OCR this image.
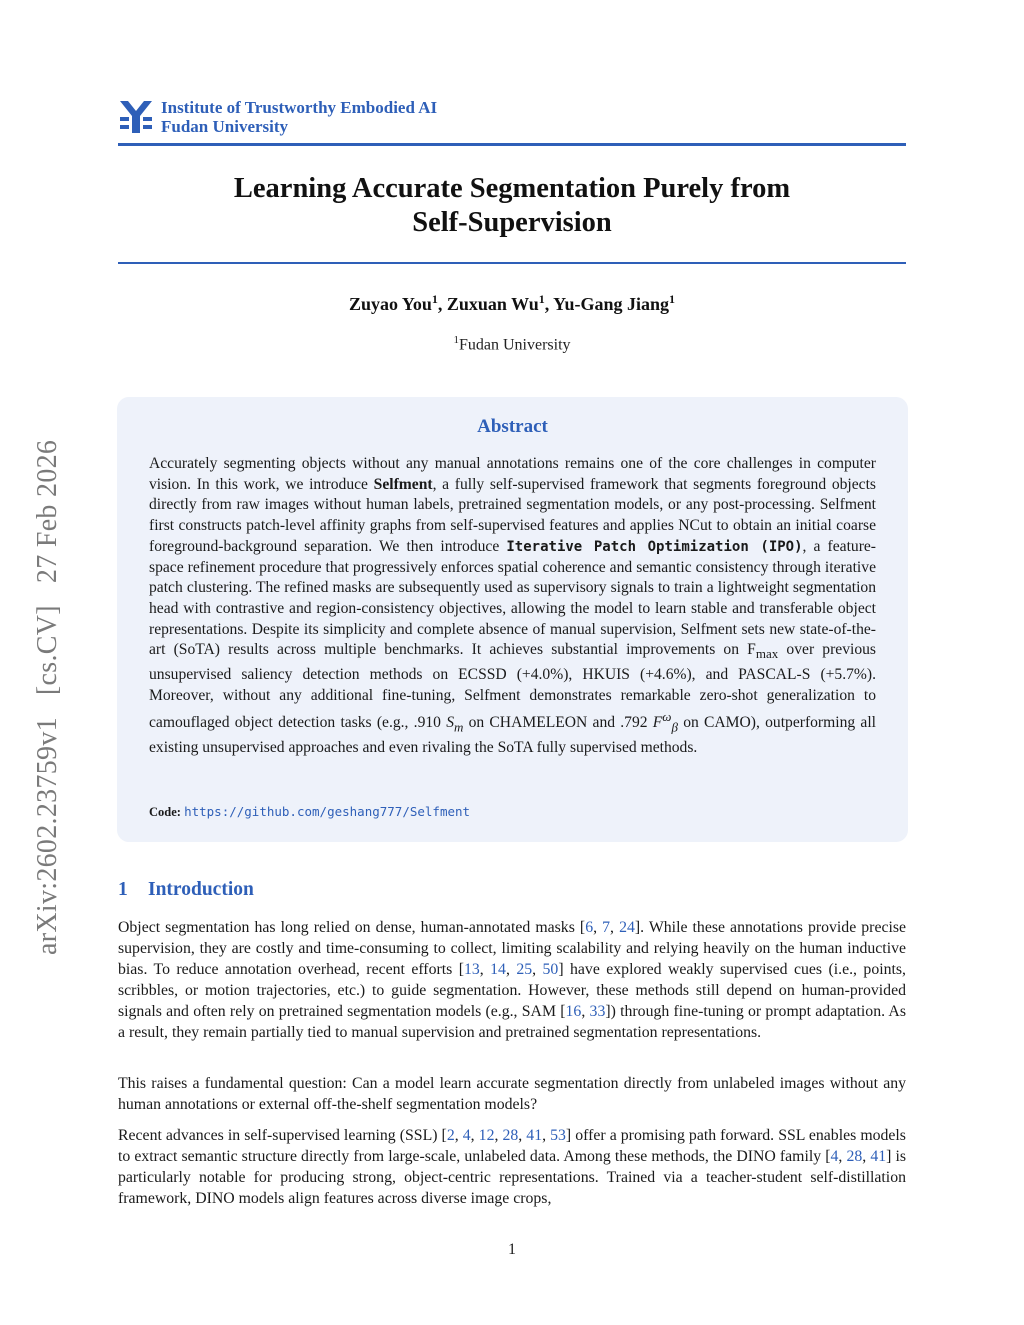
arXiv:2602.23759v1[cs.CV]27 Feb 2026
Institute of Trustworthy Embodied AI
Fudan University
Learning Accurate Segmentation Purely from
Self-Supervision
Zuyao You$^1$, Zuxuan Wu$^1$, Yu-Gang Jiang$^1$
$^1$Fudan University
Abstract
Accurately segmenting objects without any manual annotations remains one of the core challenges in computer vision. In this work, we introduce Selfment, a fully self-supervised framework that segments foreground objects directly from raw images without human labels, pretrained segmentation models, or any post-processing. Selfment first constructs patch-level affinity graphs from self-supervised features and applies NCut to obtain an initial coarse foreground-background separation. We then introduce Iterative Patch Optimization (IPO), a feature-space refinement procedure that progressively enforces spatial coherence and semantic consistency through iterative patch clustering. The refined masks are subsequently used as supervisory signals to train a lightweight segmentation head with contrastive and region-consistency objectives, allowing the model to learn stable and transferable object representations. Despite its simplicity and complete absence of manual supervision, Selfment sets new state-of-the-art (SoTA) results across multiple benchmarks. It achieves substantial improvements on $F_{max}$ over previous unsupervised saliency detection methods on ECSSD (+4.0%), HKUIS (+4.6%), and PASCAL-S (+5.7%). Moreover, without any additional fine-tuning, Selfment demonstrates remarkable zero-shot generalization to camouflaged object detection tasks (e.g., .910 $S_m$ on CHAMELEON and .792 $F^\omega_\beta$ on CAMO), outperforming all existing unsupervised approaches and even rivaling the SoTA fully supervised methods.
Code: https://github.com/geshang777/Selfment
1 Introduction
Object segmentation has long relied on dense, human-annotated masks [6, 7, 24]. While these annotations provide precise supervision, they are costly and time-consuming to collect, limiting scalability and relying heavily on the human inductive bias. To reduce annotation overhead, recent efforts [13, 14, 25, 50] have explored weakly supervised cues (i.e., points, scribbles, or motion trajectories, etc.) to guide segmentation. However, these methods still depend on human-provided signals and often rely on pretrained segmentation models (e.g., SAM [16, 33]) through fine-tuning or prompt adaptation. As a result, they remain partially tied to manual supervision and pretrained segmentation representations.
This raises a fundamental question: Can a model learn accurate segmentation directly from unlabeled images without any human annotations or external off-the-shelf segmentation models?
Recent advances in self-supervised learning (SSL) [2, 4, 12, 28, 41, 53] offer a promising path forward. SSL enables models to extract semantic structure directly from large-scale, unlabeled data. Among these methods, the DINO family [4, 28, 41] is particularly notable for producing strong, object-centric representations. Trained via a teacher-student self-distillation framework, DINO models align features across diverse image crops,
1
